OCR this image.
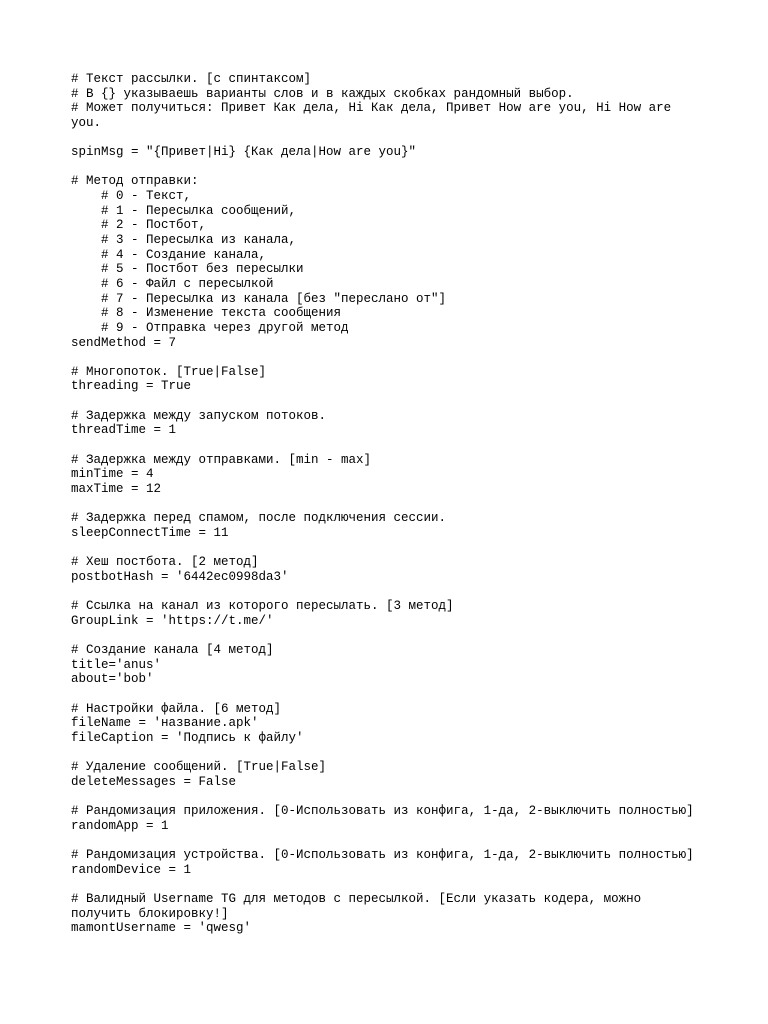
# Текст рассылки. [с спинтаксом]
# В {} указываешь варианты слов и в каждых скобках рандомный выбор.
# Может получиться: Привет Как дела, Hi Как дела, Привет How are you, Hi How are
you.
spinMsg = "{Привет|Hi} {Как дела|How are you}"
# Метод отправки:
# 0 - Текст,
# 1 - Пересылка сообщений,
# 2 - Постбот,
# 3 - Пересылка из канала,
# 4 - Создание канала,
# 5 - Постбот без пересылки
# 6 - Файл с пересылкой
# 7 - Пересылка из канала [без "переслано от"]
# 8 - Изменение текста сообщения
# 9 - Отправка через другой метод
sendMethod = 7
# Многопоток. [True|False]
threading = True
# Задержка между запуском потоков.
threadTime = 1
# Задержка между отправками. [min - max]
minTime = 4
maxTime = 12
# Задержка перед спамом, после подключения сессии.
sleepConnectTime = 11
# Хеш постбота. [2 метод]
postbotHash = '6442ec0998da3'
# Ссылка на канал из которого пересылать. [3 метод]
GroupLink = 'https://t.me/'
# Создание канала [4 метод]
title='anus'
about='bob'
# Настройки файла. [6 метод]
fileName = 'название.apk'
fileCaption = 'Подпись к файлу'
# Удаление сообщений. [True|False]
deleteMessages = False
# Рандомизация приложения. [0-Использовать из конфига, 1-да, 2-выключить полностью]
randomApp = 1
# Рандомизация устройства. [0-Использовать из конфига, 1-да, 2-выключить полностью]
randomDevice = 1
# Валидный Username TG для методов с пересылкой. [Если указать кодера, можно
получить блокировку!]
mamontUsername = 'qwesg'
